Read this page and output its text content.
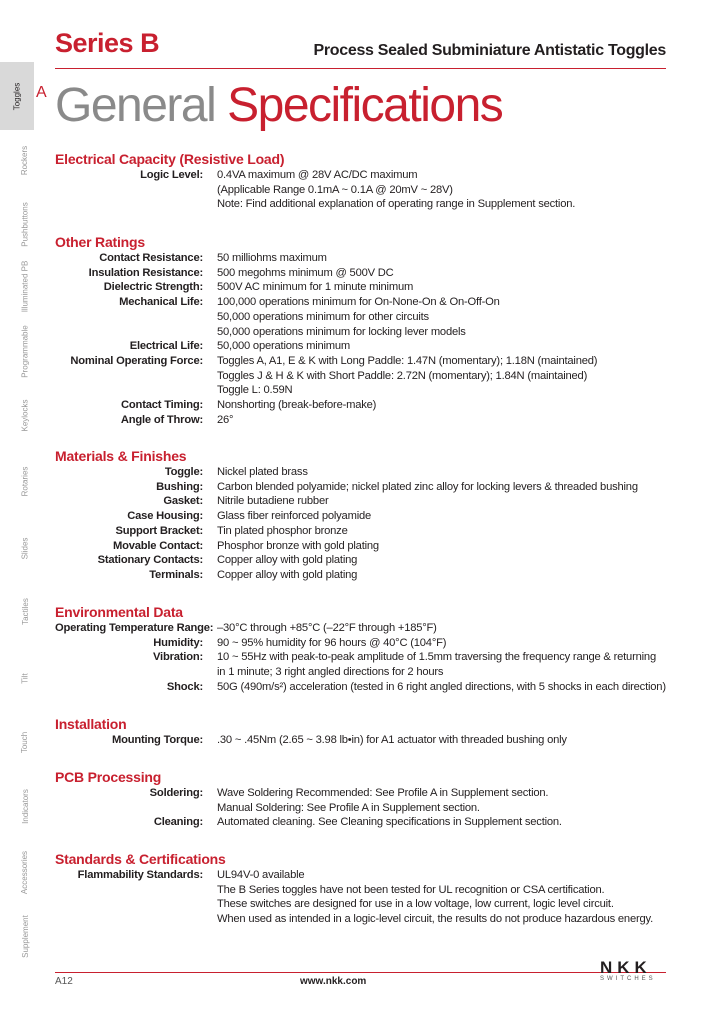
Series B	Process Sealed Subminiature Antistatic Toggles
Toggles A
Rockers
Pushbuttons
Illuminated PB
Programmable
Keylocks
Rotaries
Slides
Tactiles
Tilt
Touch
Indicators
Accessories
Supplement
General Specifications
Electrical Capacity (Resistive Load)
Logic Level:	0.4VA maximum @ 28V AC/DC maximum
(Applicable Range 0.1mA ~ 0.1A @ 20mV ~ 28V)
Note: Find additional explanation of operating range in Supplement section.
Other Ratings
Contact Resistance:	50 milliohms maximum
Insulation Resistance:	500 megohms minimum @ 500V DC
Dielectric Strength:	500V AC minimum for 1 minute minimum
Mechanical Life:	100,000 operations minimum for On-None-On & On-Off-On
50,000 operations minimum for other circuits
50,000 operations minimum for locking lever models
Electrical Life:	50,000 operations minimum
Nominal Operating Force:	Toggles A, A1, E & K with Long Paddle: 1.47N (momentary); 1.18N (maintained)
Toggles J & H & K with Short Paddle: 2.72N (momentary); 1.84N (maintained)
Toggle L: 0.59N
Contact Timing:	Nonshorting (break-before-make)
Angle of Throw:	26°
Materials & Finishes
Toggle:	Nickel plated brass
Bushing:	Carbon blended polyamide; nickel plated zinc alloy for locking levers & threaded bushing
Gasket:	Nitrile butadiene rubber
Case Housing:	Glass fiber reinforced polyamide
Support Bracket:	Tin plated phosphor bronze
Movable Contact:	Phosphor bronze with gold plating
Stationary Contacts:	Copper alloy with gold plating
Terminals:	Copper alloy with gold plating
Environmental Data
Operating Temperature Range: –30°C through +85°C (–22°F through +185°F)
Humidity:	90 ~ 95% humidity for 96 hours @ 40°C (104°F)
Vibration:	10 ~ 55Hz with peak-to-peak amplitude of 1.5mm traversing the frequency range & returning
in 1 minute; 3 right angled directions for 2 hours
Shock:	50G (490m/s²) acceleration (tested in 6 right angled directions, with 5 shocks in each direction)
Installation
Mounting Torque:	.30 ~ .45Nm (2.65 ~ 3.98 lb•in) for A1 actuator with threaded bushing only
PCB Processing
Soldering:	Wave Soldering Recommended: See Profile A in Supplement section.
Manual Soldering: See Profile A in Supplement section.
Cleaning:	Automated cleaning. See Cleaning specifications in Supplement section.
Standards & Certifications
Flammability Standards:	UL94V-0 available
The B Series toggles have not been tested for UL recognition or CSA certification.
These switches are designed for use in a low voltage, low current, logic level circuit.
When used as intended in a logic-level circuit, the results do not produce hazardous energy.
A12	www.nkk.com
NKK
SWITCHES
